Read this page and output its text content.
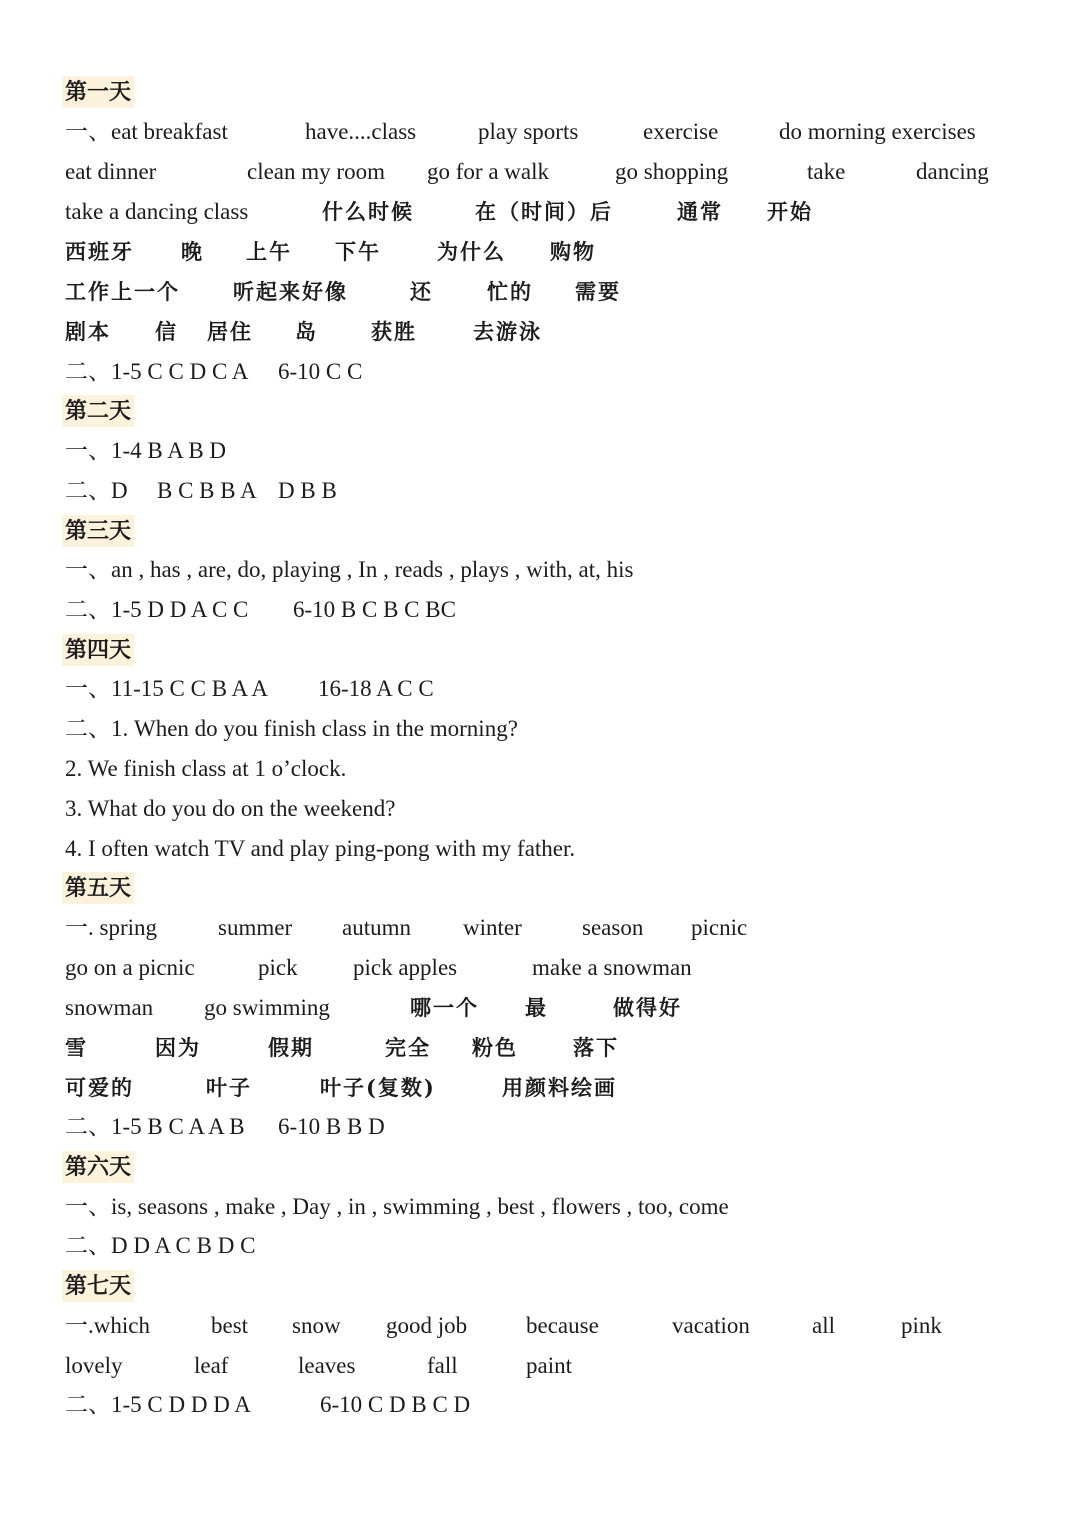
第一天
一、eat breakfast	have....class	play sports	exercise	do morning exercises
eat dinner	clean my room go for a walk	go shopping	take	dancing
take a dancing class	什么时候	在（时间）后	通常 开始
西班牙 晚 上午 下午	为什么 购物
工作上一个	听起来好像	还	忙的 需要
剧本 信 居住 岛	获胜	去游泳
二、1-5 C C D C A 6-10 C C
第二天
一、1-4 B A B D
二、D B C B B A D B B
第三天
一、an , has , are, do, playing , In , reads , plays , with, at, his
二、1-5 D D A C C 6-10 B C B C BC
第四天
一、11-15 C C B A A 16-18 A C C
二、1. When do you finish class in the morning?
2. We finish class at 1 o’clock.
3. What do you do on the weekend?
4. I often watch TV and play ping-pong with my father.
第五天
一. spring	summer autumn winter	season picnic
go on a picnic	pick pick apples	make a snowman
snowman go swimming	哪一个 最	做得好
雪	因为	假期	完全 粉色	落下
可爱的	叶子	叶子(复数)	用颜料绘画
二、1-5 B C A A B 6-10 B B D
第六天
一、is, seasons , make , Day , in , swimming , best , flowers , too, come
二、D D A C B D C
第七天
一.which	best snow good job	because	vacation	all	pink
lovely	leaf	leaves	fall	paint
二、1-5 C D D D A	6-10 C D B C D
